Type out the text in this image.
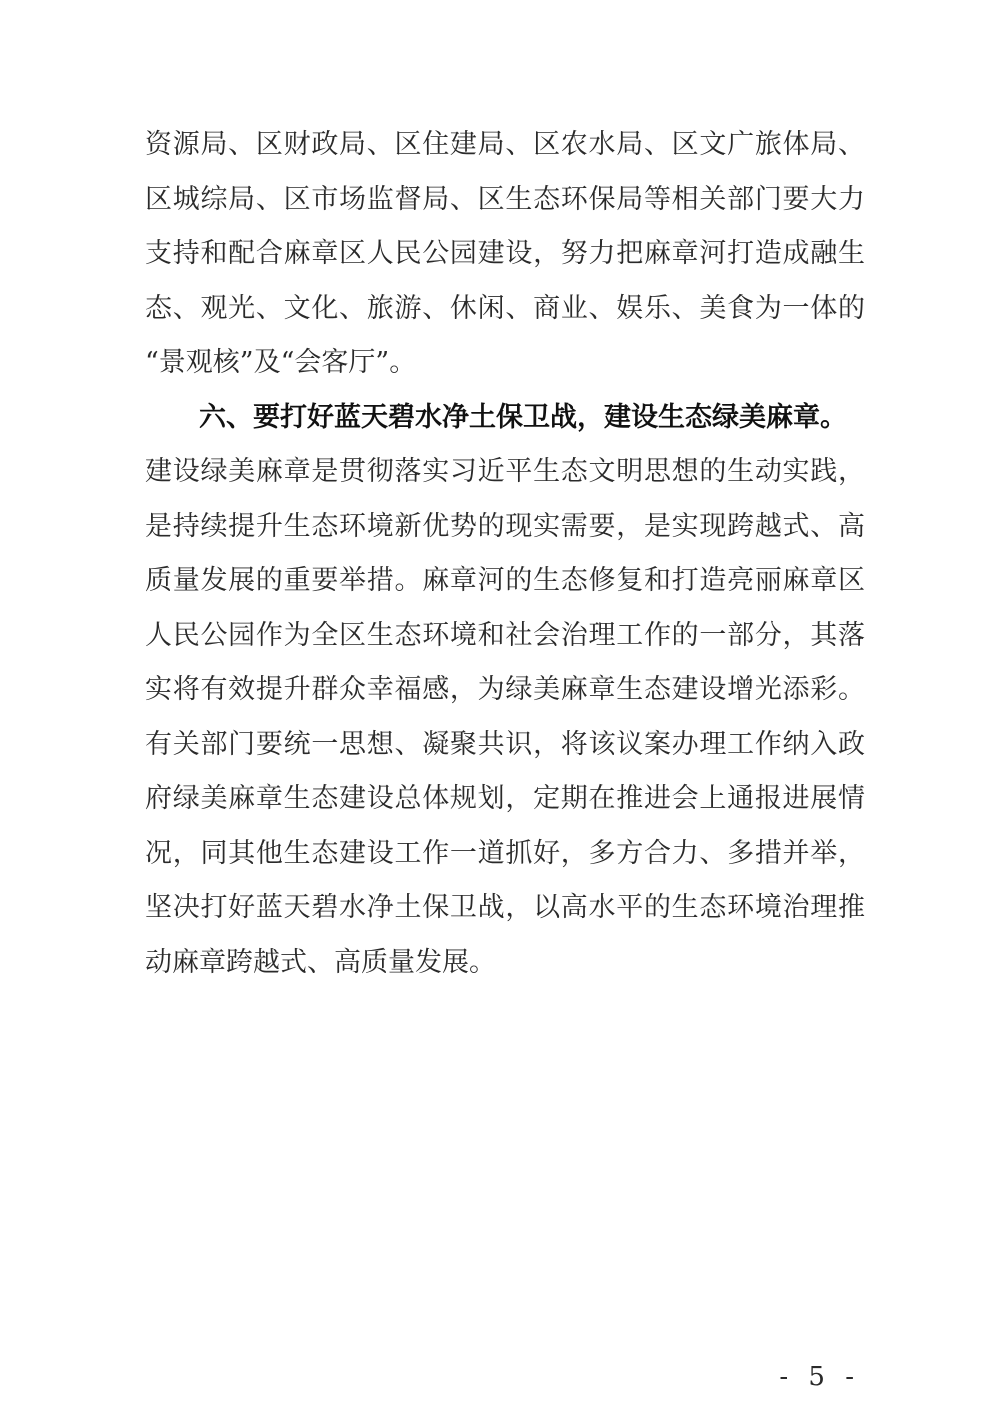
资源局、区财政局、区住建局、区农水局、区文广旅体局、
区城综局、区市场监督局、区生态环保局等相关部门要大力
支持和配合麻章区人民公园建设，努力把麻章河打造成融生
态、观光、文化、旅游、休闲、商业、娱乐、美食为一体的
“景观核”及“会客厅”。
六、要打好蓝天碧水净土保卫战，建设生态绿美麻章。
建设绿美麻章是贯彻落实习近平生态文明思想的生动实践，
是持续提升生态环境新优势的现实需要，是实现跨越式、高
质量发展的重要举措。麻章河的生态修复和打造亮丽麻章区
人民公园作为全区生态环境和社会治理工作的一部分，其落
实将有效提升群众幸福感，为绿美麻章生态建设增光添彩。
有关部门要统一思想、凝聚共识，将该议案办理工作纳入政
府绿美麻章生态建设总体规划，定期在推进会上通报进展情
况，同其他生态建设工作一道抓好，多方合力、多措并举，
坚决打好蓝天碧水净土保卫战，以高水平的生态环境治理推
动麻章跨越式、高质量发展。
- 5 -
